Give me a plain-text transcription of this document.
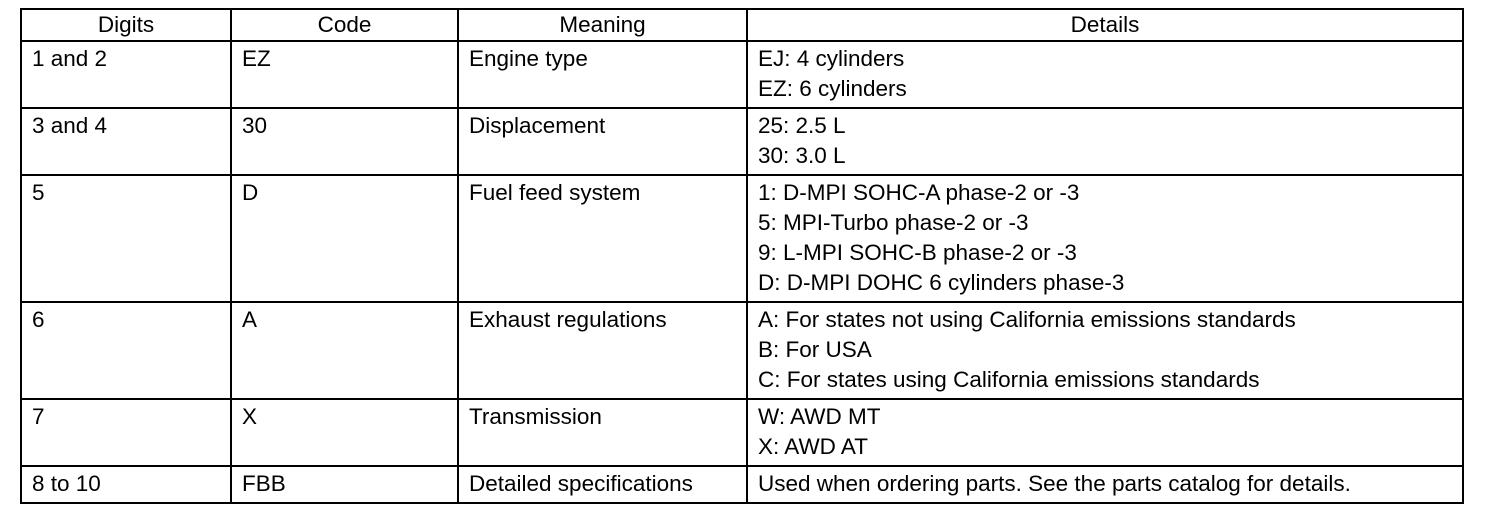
Digits	Code	Meaning	Details
1 and 2	EZ	Engine type	EJ: 4 cylinders
EZ: 6 cylinders

3 and 4	30	Displacement	25: 2.5 L
30: 3.0 L

5	D	Fuel feed system	1: D-MPI SOHC-A phase-2 or -3
5: MPI-Turbo phase-2 or -3
9: L-MPI SOHC-B phase-2 or -3
D: D-MPI DOHC 6 cylinders phase-3

6	A	Exhaust regulations	A: For states not using California emissions standards
B: For USA
C: For states using California emissions standards

7	X	Transmission	W: AWD MT
X: AWD AT

8 to 10	FBB	Detailed specifications	Used when ordering parts. See the parts catalog for details.
